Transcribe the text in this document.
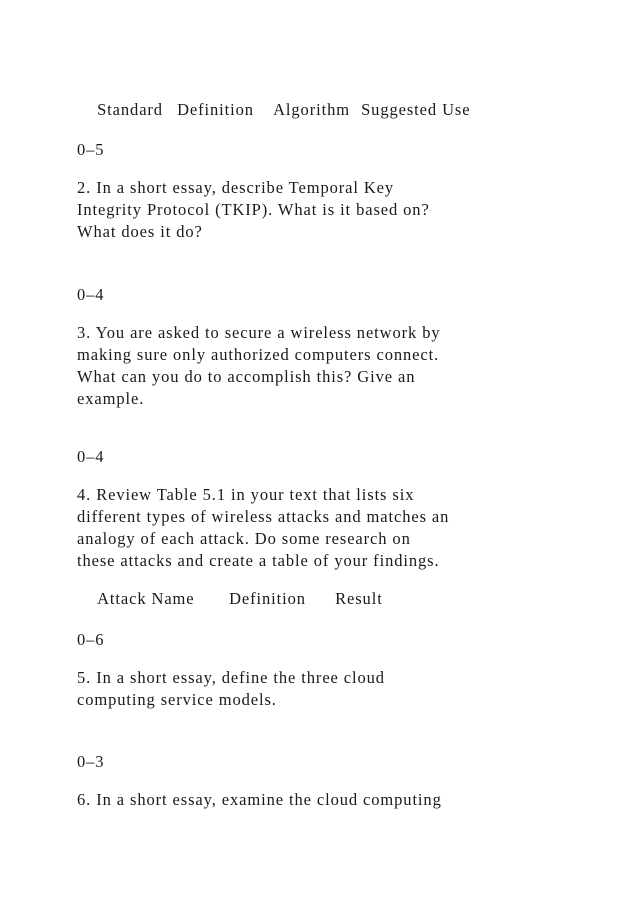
Standard Definition Algorithm Suggested Use

0–5
2. In a short essay, describe Temporal Key
Integrity Protocol (TKIP). What is it based on?
What does it do?
0–4
3. You are asked to secure a wireless network by
making sure only authorized computers connect.
What can you do to accomplish this? Give an
example.
0–4
4. Review Table 5.1 in your text that lists six
different types of wireless attacks and matches an
analogy of each attack. Do some research on
these attacks and create a table of your findings.

Attack Name Definition Result

0–6
5. In a short essay, define the three cloud
computing service models.
0–3
6. In a short essay, examine the cloud computing
